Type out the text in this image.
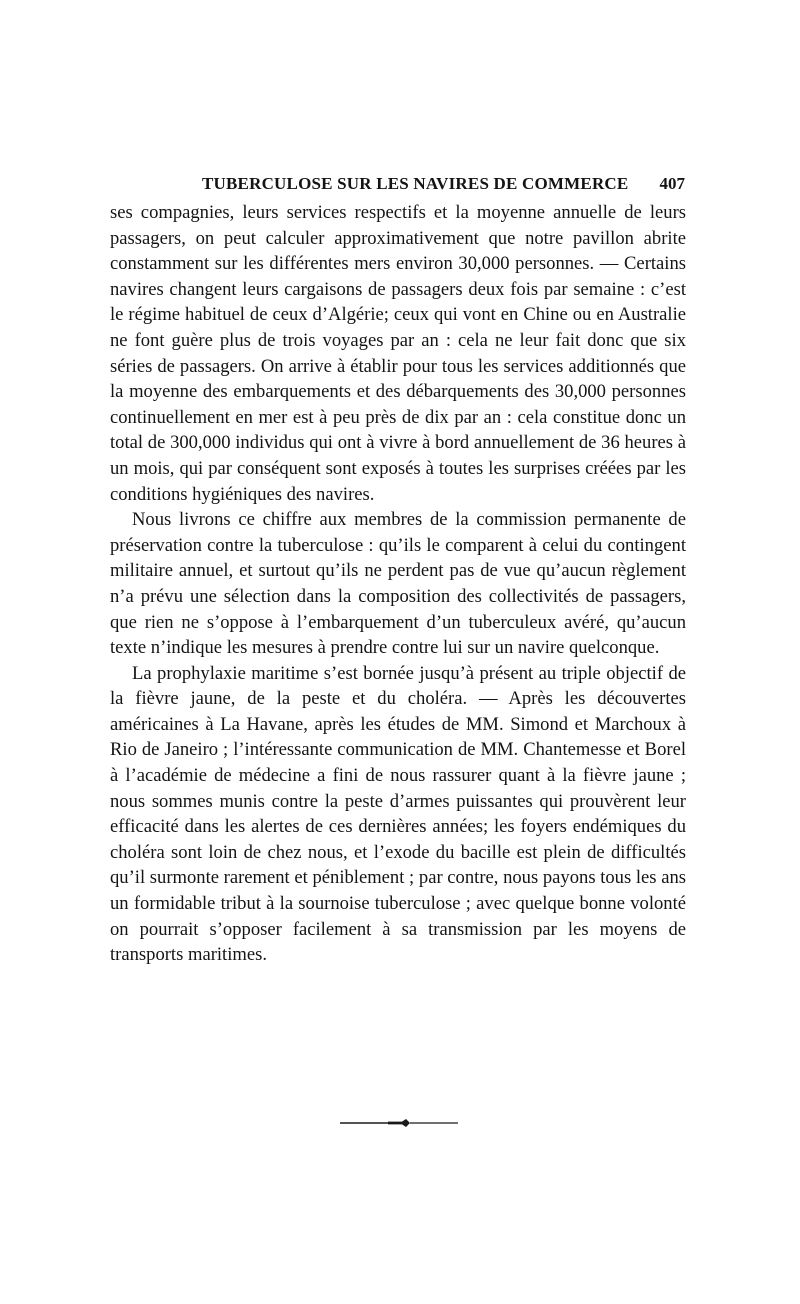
TUBERCULOSE SUR LES NAVIRES DE COMMERCE 407

ses compagnies, leurs services respectifs et la moyenne annuelle de leurs passagers, on peut calculer approximativement que notre pavillon abrite constamment sur les différentes mers environ 30,000 personnes. — Certains navires changent leurs cargaisons de passagers deux fois par semaine : c’est le régime habituel de ceux d’Algérie; ceux qui vont en Chine ou en Australie ne font guère plus de trois voyages par an : cela ne leur fait donc que six séries de passagers. On arrive à établir pour tous les services additionnés que la moyenne des embarquements et des débarquements des 30,000 personnes continuellement en mer est à peu près de dix par an : cela constitue donc un total de 300,000 individus qui ont à vivre à bord annuellement de 36 heures à un mois, qui par conséquent sont exposés à toutes les surprises créées par les conditions hygiéniques des navires.

Nous livrons ce chiffre aux membres de la commission permanente de préservation contre la tuberculose : qu’ils le comparent à celui du contingent militaire annuel, et surtout qu’ils ne perdent pas de vue qu’aucun règlement n’a prévu une sélection dans la composition des collectivités de passagers, que rien ne s’oppose à l’embarquement d’un tuberculeux avéré, qu’aucun texte n’indique les mesures à prendre contre lui sur un navire quelconque.

La prophylaxie maritime s’est bornée jusqu’à présent au triple objectif de la fièvre jaune, de la peste et du choléra. — Après les découvertes américaines à La Havane, après les études de MM. Simond et Marchoux à Rio de Janeiro ; l’intéressante communication de MM. Chantemesse et Borel à l’académie de médecine a fini de nous rassurer quant à la fièvre jaune ; nous sommes munis contre la peste d’armes puissantes qui prouvèrent leur efficacité dans les alertes de ces dernières années; les foyers endémiques du choléra sont loin de chez nous, et l’exode du bacille est plein de difficultés qu’il surmonte rarement et péniblement ; par contre, nous payons tous les ans un formidable tribut à la sournoise tuberculose ; avec quelque bonne volonté on pourrait s’opposer facilement à sa transmission par les moyens de transports maritimes.
